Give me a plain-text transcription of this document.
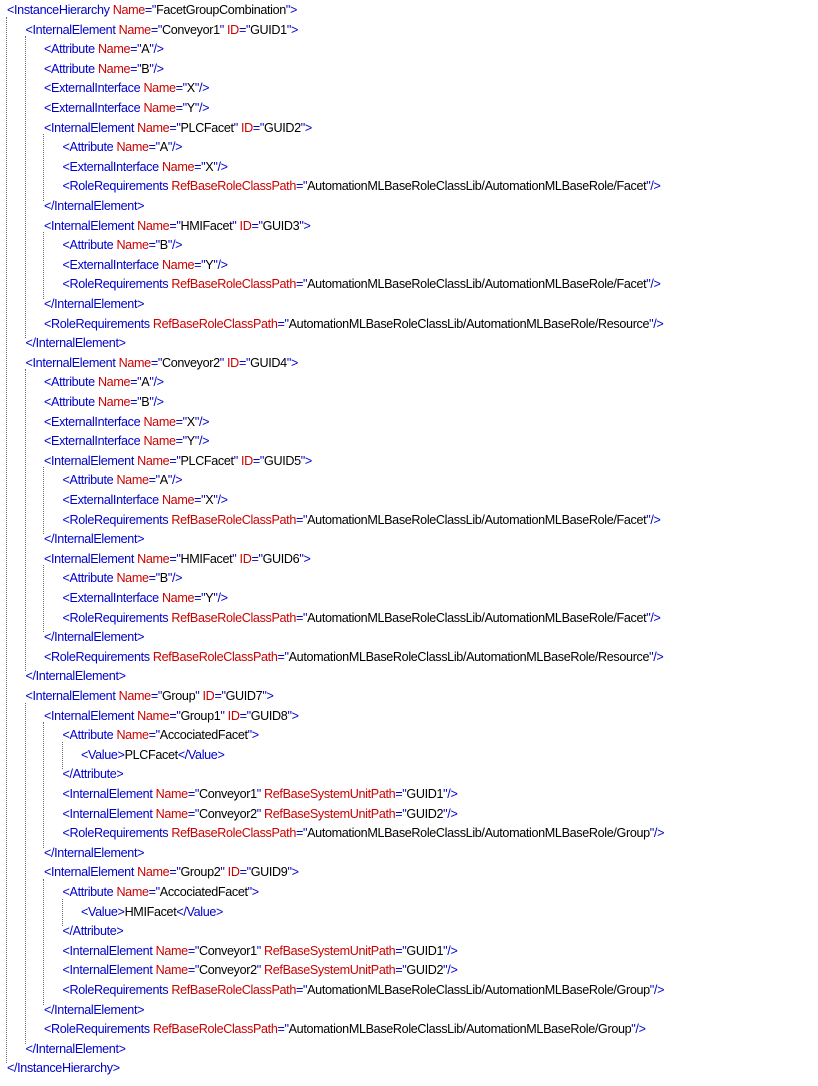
<InstanceHierarchy Name="FacetGroupCombination">
<InternalElement Name="Conveyor1" ID="GUID1">
<Attribute Name="A"/>
<Attribute Name="B"/>
<ExternalInterface Name="X"/>
<ExternalInterface Name="Y"/>
<InternalElement Name="PLCFacet" ID="GUID2">
<Attribute Name="A"/>
<ExternalInterface Name="X"/>
<RoleRequirements RefBaseRoleClassPath="AutomationMLBaseRoleClassLib/AutomationMLBaseRole/Facet"/>
</InternalElement>
<InternalElement Name="HMIFacet" ID="GUID3">
<Attribute Name="B"/>
<ExternalInterface Name="Y"/>
<RoleRequirements RefBaseRoleClassPath="AutomationMLBaseRoleClassLib/AutomationMLBaseRole/Facet"/>
</InternalElement>
<RoleRequirements RefBaseRoleClassPath="AutomationMLBaseRoleClassLib/AutomationMLBaseRole/Resource"/>
</InternalElement>
<InternalElement Name="Conveyor2" ID="GUID4">
<Attribute Name="A"/>
<Attribute Name="B"/>
<ExternalInterface Name="X"/>
<ExternalInterface Name="Y"/>
<InternalElement Name="PLCFacet" ID="GUID5">
<Attribute Name="A"/>
<ExternalInterface Name="X"/>
<RoleRequirements RefBaseRoleClassPath="AutomationMLBaseRoleClassLib/AutomationMLBaseRole/Facet"/>
</InternalElement>
<InternalElement Name="HMIFacet" ID="GUID6">
<Attribute Name="B"/>
<ExternalInterface Name="Y"/>
<RoleRequirements RefBaseRoleClassPath="AutomationMLBaseRoleClassLib/AutomationMLBaseRole/Facet"/>
</InternalElement>
<RoleRequirements RefBaseRoleClassPath="AutomationMLBaseRoleClassLib/AutomationMLBaseRole/Resource"/>
</InternalElement>
<InternalElement Name="Group" ID="GUID7">
<InternalElement Name="Group1" ID="GUID8">
<Attribute Name="AccociatedFacet">
<Value>PLCFacet</Value>
</Attribute>
<InternalElement Name="Conveyor1" RefBaseSystemUnitPath="GUID1"/>
<InternalElement Name="Conveyor2" RefBaseSystemUnitPath="GUID2"/>
<RoleRequirements RefBaseRoleClassPath="AutomationMLBaseRoleClassLib/AutomationMLBaseRole/Group"/>
</InternalElement>
<InternalElement Name="Group2" ID="GUID9">
<Attribute Name="AccociatedFacet">
<Value>HMIFacet</Value>
</Attribute>
<InternalElement Name="Conveyor1" RefBaseSystemUnitPath="GUID1"/>
<InternalElement Name="Conveyor2" RefBaseSystemUnitPath="GUID2"/>
<RoleRequirements RefBaseRoleClassPath="AutomationMLBaseRoleClassLib/AutomationMLBaseRole/Group"/>
</InternalElement>
<RoleRequirements RefBaseRoleClassPath="AutomationMLBaseRoleClassLib/AutomationMLBaseRole/Group"/>
</InternalElement>
</InstanceHierarchy>
